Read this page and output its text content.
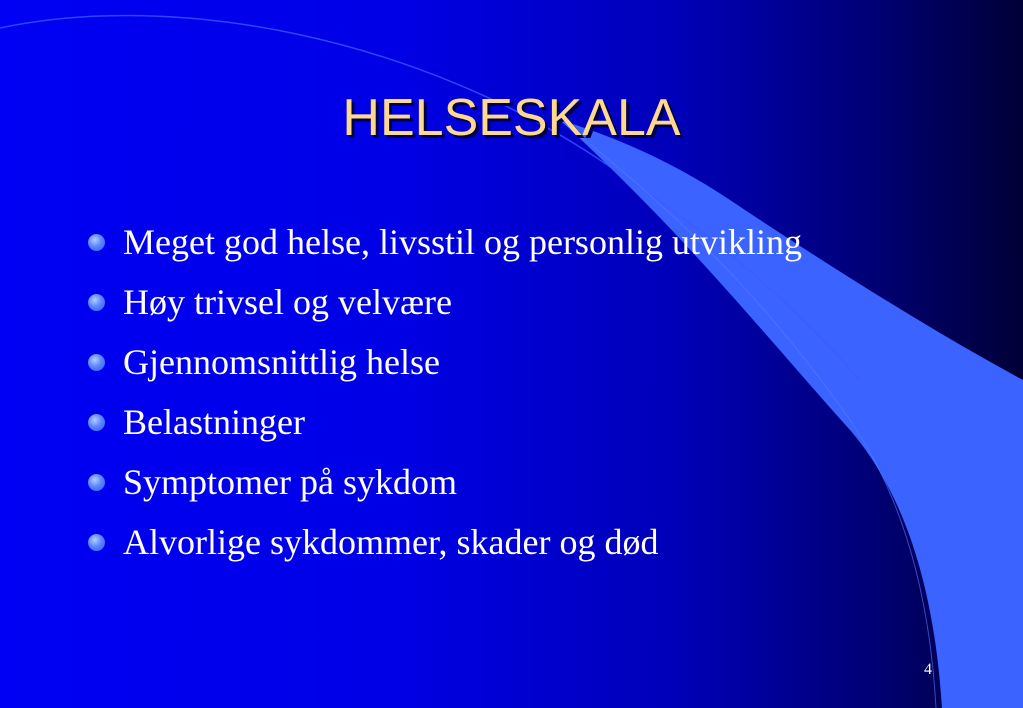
HELSESKALA
Meget god helse, livsstil og personlig utvikling
Høy trivsel og velvære
Gjennomsnittlig helse
Belastninger
Symptomer på sykdom
Alvorlige sykdommer, skader og død
4
